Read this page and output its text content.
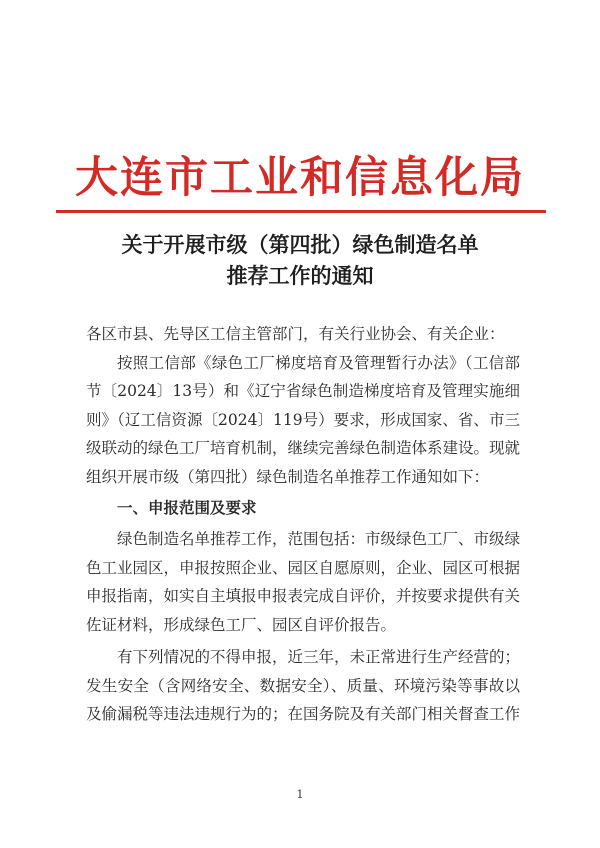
大连市工业和信息化局
关于开展市级（第四批）绿色制造名单
推荐工作的通知

各区市县、先导区工信主管部门，有关行业协会、有关企业：

按照工信部《绿色工厂梯度培育及管理暂行办法》（工信部节〔2024〕13号）和《辽宁省绿色制造梯度培育及管理实施细则》（辽工信资源〔2024〕119号）要求，形成国家、省、市三级联动的绿色工厂培育机制，继续完善绿色制造体系建设。现就组织开展市级（第四批）绿色制造名单推荐工作通知如下：

一、申报范围及要求

绿色制造名单推荐工作，范围包括：市级绿色工厂、市级绿色工业园区，申报按照企业、园区自愿原则，企业、园区可根据申报指南，如实自主填报申报表完成自评价，并按要求提供有关佐证材料，形成绿色工厂、园区自评价报告。

有下列情况的不得申报，近三年，未正常进行生产经营的；发生安全（含网络安全、数据安全）、质量、环境污染等事故以及偷漏税等违法违规行为的；在国务院及有关部门相关督查工作

1
